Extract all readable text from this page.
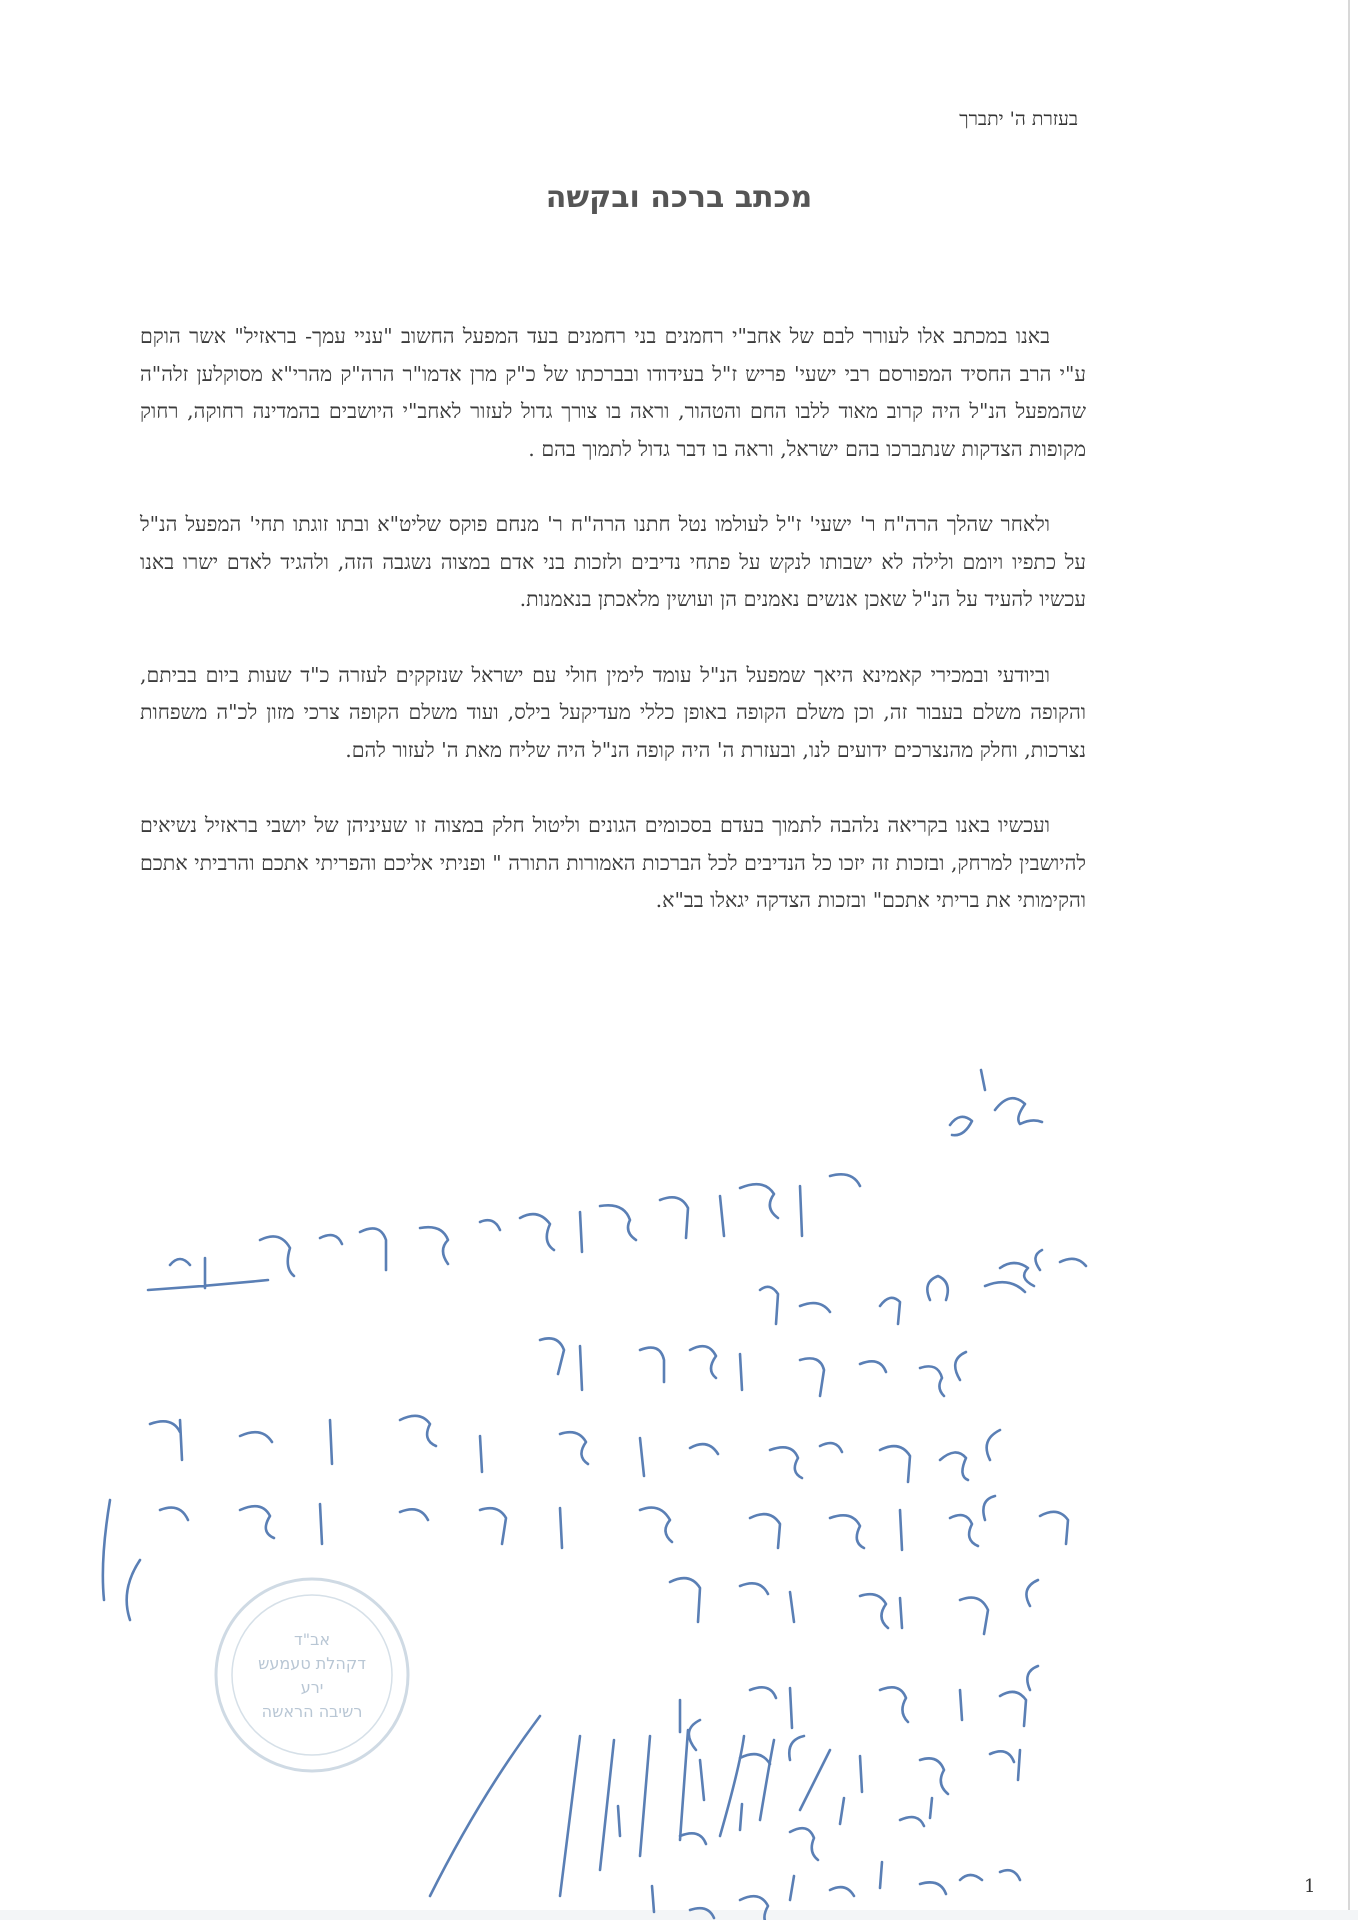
בעזרת ה' יתברך
מכתב ברכה ובקשה

באנו במכתב אלו לעורר לבם של אחב"י רחמנים בני רחמנים בעד המפעל החשוב "עניי עמך- בראזיל" אשר הוקם ע"י הרב החסיד המפורסם רבי ישעי' פריש ז"ל בעידודו ובברכתו של כ"ק מרן אדמו"ר הרה"ק מהרי"א מסוקלען זלה"ה שהמפעל הנ"ל היה קרוב מאוד ללבו החם והטהור, וראה בו צורך גדול לעזור לאחב"י היושבים בהמדינה רחוקה, רחוק מקופות הצדקות שנתברכו בהם ישראל, וראה בו דבר גדול לתמוך בהם .

ולאחר שהלך הרה"ח ר' ישעי' ז"ל לעולמו נטל חתנו הרה"ח ר' מנחם פוקס שליט"א ובתו זוגתו תחי' המפעל הנ"ל על כתפיו ויומם ולילה לא ישבותו לנקש על פתחי נדיבים ולזכות בני אדם במצוה נשגבה הזה, ולהגיד לאדם ישרו באנו עכשיו להעיד על הנ"ל שאכן אנשים נאמנים הן ועושין מלאכתן בנאמנות.

וביודעי ובמכירי קאמינא היאך שמפעל הנ"ל עומד לימין חולי עם ישראל שנזקקים לעזרה כ"ד שעות ביום בביתם, והקופה משלם בעבור זה, וכן משלם הקופה באופן כללי מעדיקעל בילס, ועוד משלם הקופה צרכי מזון לכ"ה משפחות נצרכות, וחלק מהנצרכים ידועים לנו, ובעזרת ה' היה קופה הנ"ל היה שליח מאת ה' לעזור להם.

ועכשיו באנו בקריאה נלהבה לתמוך בעדם בסכומים הגונים וליטול חלק במצוה זו שעיניהן של יושבי בראזיל נשיאים להיושבין למרחק, ובזכות זה יזכו כל הנדיבים לכל הברכות האמורות התורה " ופניתי אליכם והפריתי אתכם והרביתי אתכם והקימותי את בריתי אתכם" ובזכות הצדקה יגאלו בב"א.

אב"ד
דקהלת טעמעש
ירע
רשיבה הראשה
1
